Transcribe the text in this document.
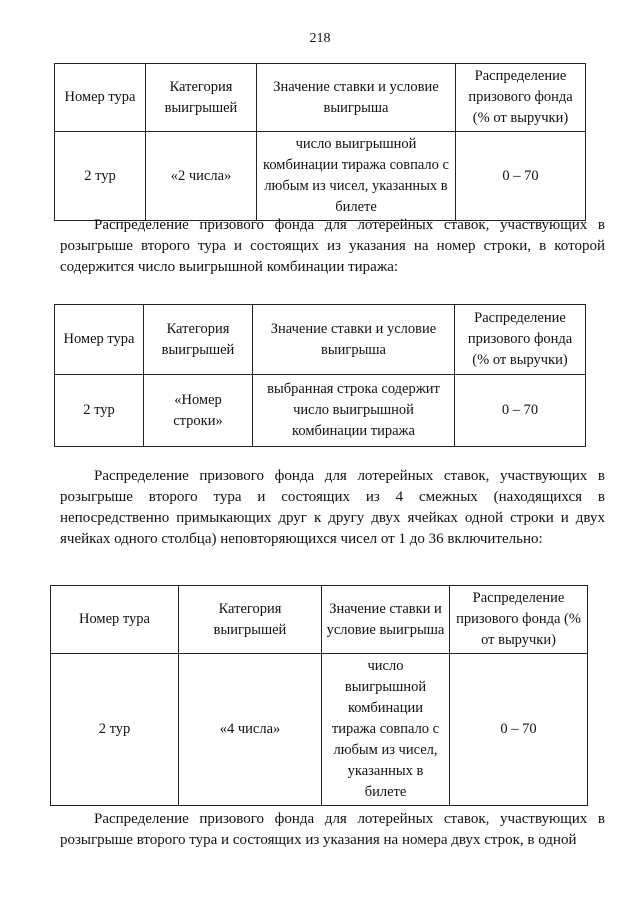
218
Номер тура	Категория выигрышей	Значение ставки и условие выигрыша	Распределение призового фонда (% от выручки)
2 тур	«2 числа»	число выигрышной комбинации тиража совпало с любым из чисел, указанных в билете	0 – 70

Распределение призового фонда для лотерейных ставок, участвующих в розыгрыше второго тура и состоящих из указания на номер строки, в которой содержится число выигрышной комбинации тиража:

Номер тура	Категория выигрышей	Значение ставки и условие выигрыша	Распределение призового фонда (% от выручки)
2 тур	«Номер строки»	выбранная строка содержит число выигрышной комбинации тиража	0 – 70

Распределение призового фонда для лотерейных ставок, участвующих в розыгрыше второго тура и состоящих из 4 смежных (находящихся в непосредственно примыкающих друг к другу двух ячейках одной строки и двух ячейках одного столбца) неповторяющихся чисел от 1 до 36 включительно:

Номер тура	Категория выигрышей	Значение ставки и условие выигрыша	Распределение призового фонда (% от выручки)
2 тур	«4 числа»	число выигрышной комбинации тиража совпало с любым из чисел, указанных в билете	0 – 70

Распределение призового фонда для лотерейных ставок, участвующих в розыгрыше второго тура и состоящих из указания на номера двух строк, в одной
